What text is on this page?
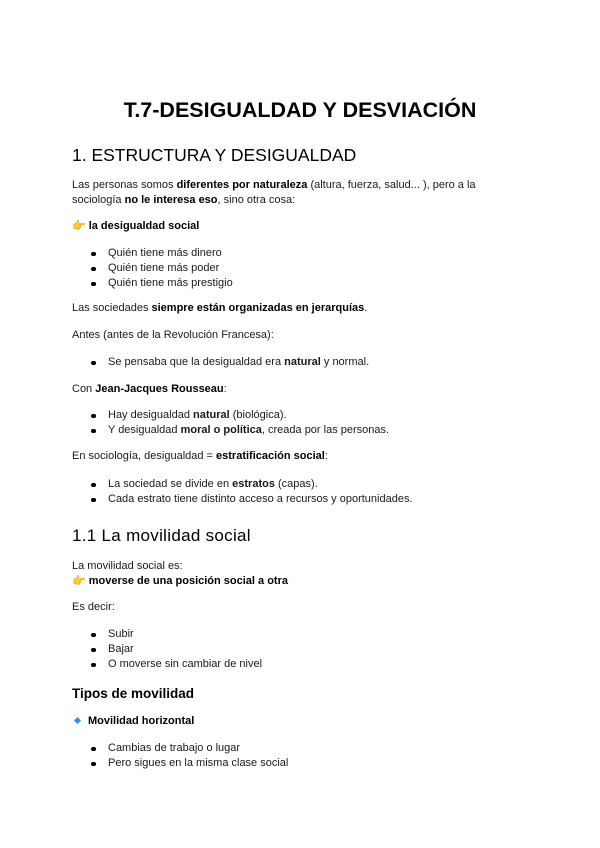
T.7-DESIGUALDAD Y DESVIACIÓN
1. ESTRUCTURA Y DESIGUALDAD

Las personas somos diferentes por naturaleza (altura, fuerza, salud... ), pero a la
sociología no le interesa eso, sino otra cosa:

👉 la desigualdad social

Quién tiene más dinero
Quién tiene más poder
Quién tiene más prestigio

Las sociedades siempre están organizadas en jerarquías.

Antes (antes de la Revolución Francesa):

Se pensaba que la desigualdad era natural y normal.

Con Jean-Jacques Rousseau:

Hay desigualdad natural (biológica).
Y desigualdad moral o política, creada por las personas.

En sociología, desigualdad = estratificación social:

La sociedad se divide en estratos (capas).
Cada estrato tiene distinto acceso a recursos y oportunidades.
1.1 La movilidad social

La movilidad social es:
👉 moverse de una posición social a otra

Es decir:

Subir
Bajar
O moverse sin cambiar de nivel
Tipos de movilidad

Movilidad horizontal

Cambias de trabajo o lugar
Pero sigues en la misma clase social
